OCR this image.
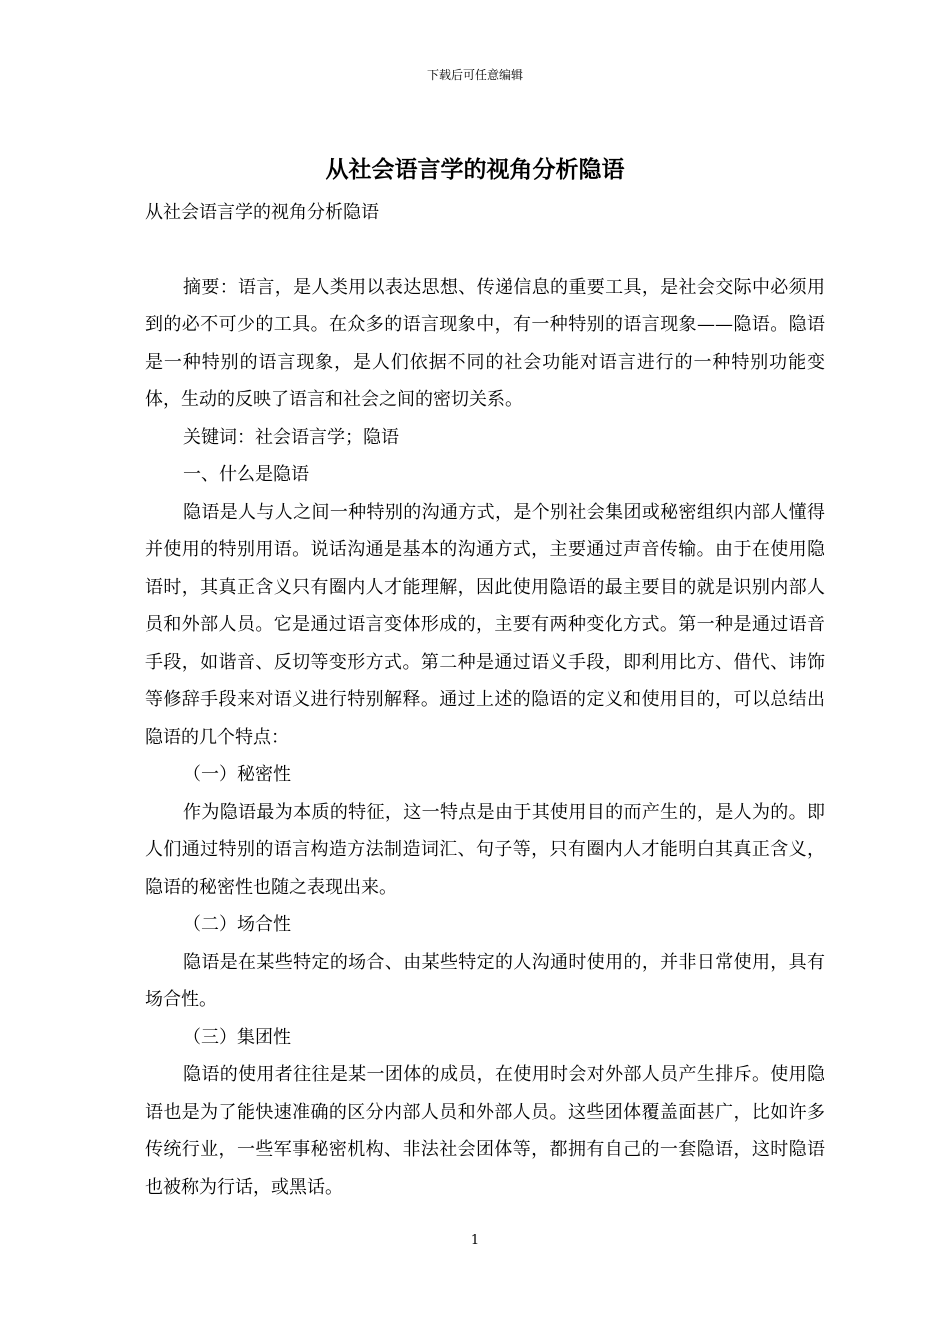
下载后可任意编辑
从社会语言学的视角分析隐语

从社会语言学的视角分析隐语

摘要：语言，是人类用以表达思想、传递信息的重要工具，是社会交际中必须用到的必不可少的工具。在众多的语言现象中，有一种特别的语言现象——隐语。隐语是一种特别的语言现象，是人们依据不同的社会功能对语言进行的一种特别功能变体，生动的反映了语言和社会之间的密切关系。

关键词：社会语言学；隐语

一、什么是隐语

隐语是人与人之间一种特别的沟通方式，是个别社会集团或秘密组织内部人懂得并使用的特别用语。说话沟通是基本的沟通方式，主要通过声音传输。由于在使用隐语时，其真正含义只有圈内人才能理解，因此使用隐语的最主要目的就是识别内部人员和外部人员。它是通过语言变体形成的，主要有两种变化方式。第一种是通过语音手段，如谐音、反切等变形方式。第二种是通过语义手段，即利用比方、借代、讳饰等修辞手段来对语义进行特别解释。通过上述的隐语的定义和使用目的，可以总结出隐语的几个特点：

（一）秘密性

作为隐语最为本质的特征，这一特点是由于其使用目的而产生的，是人为的。即人们通过特别的语言构造方法制造词汇、句子等，只有圈内人才能明白其真正含义，隐语的秘密性也随之表现出来。

（二）场合性

隐语是在某些特定的场合、由某些特定的人沟通时使用的，并非日常使用，具有场合性。

（三）集团性

隐语的使用者往往是某一团体的成员，在使用时会对外部人员产生排斥。使用隐语也是为了能快速准确的区分内部人员和外部人员。这些团体覆盖面甚广，比如许多传统行业，一些军事秘密机构、非法社会团体等，都拥有自己的一套隐语，这时隐语也被称为行话，或黑话。

1
